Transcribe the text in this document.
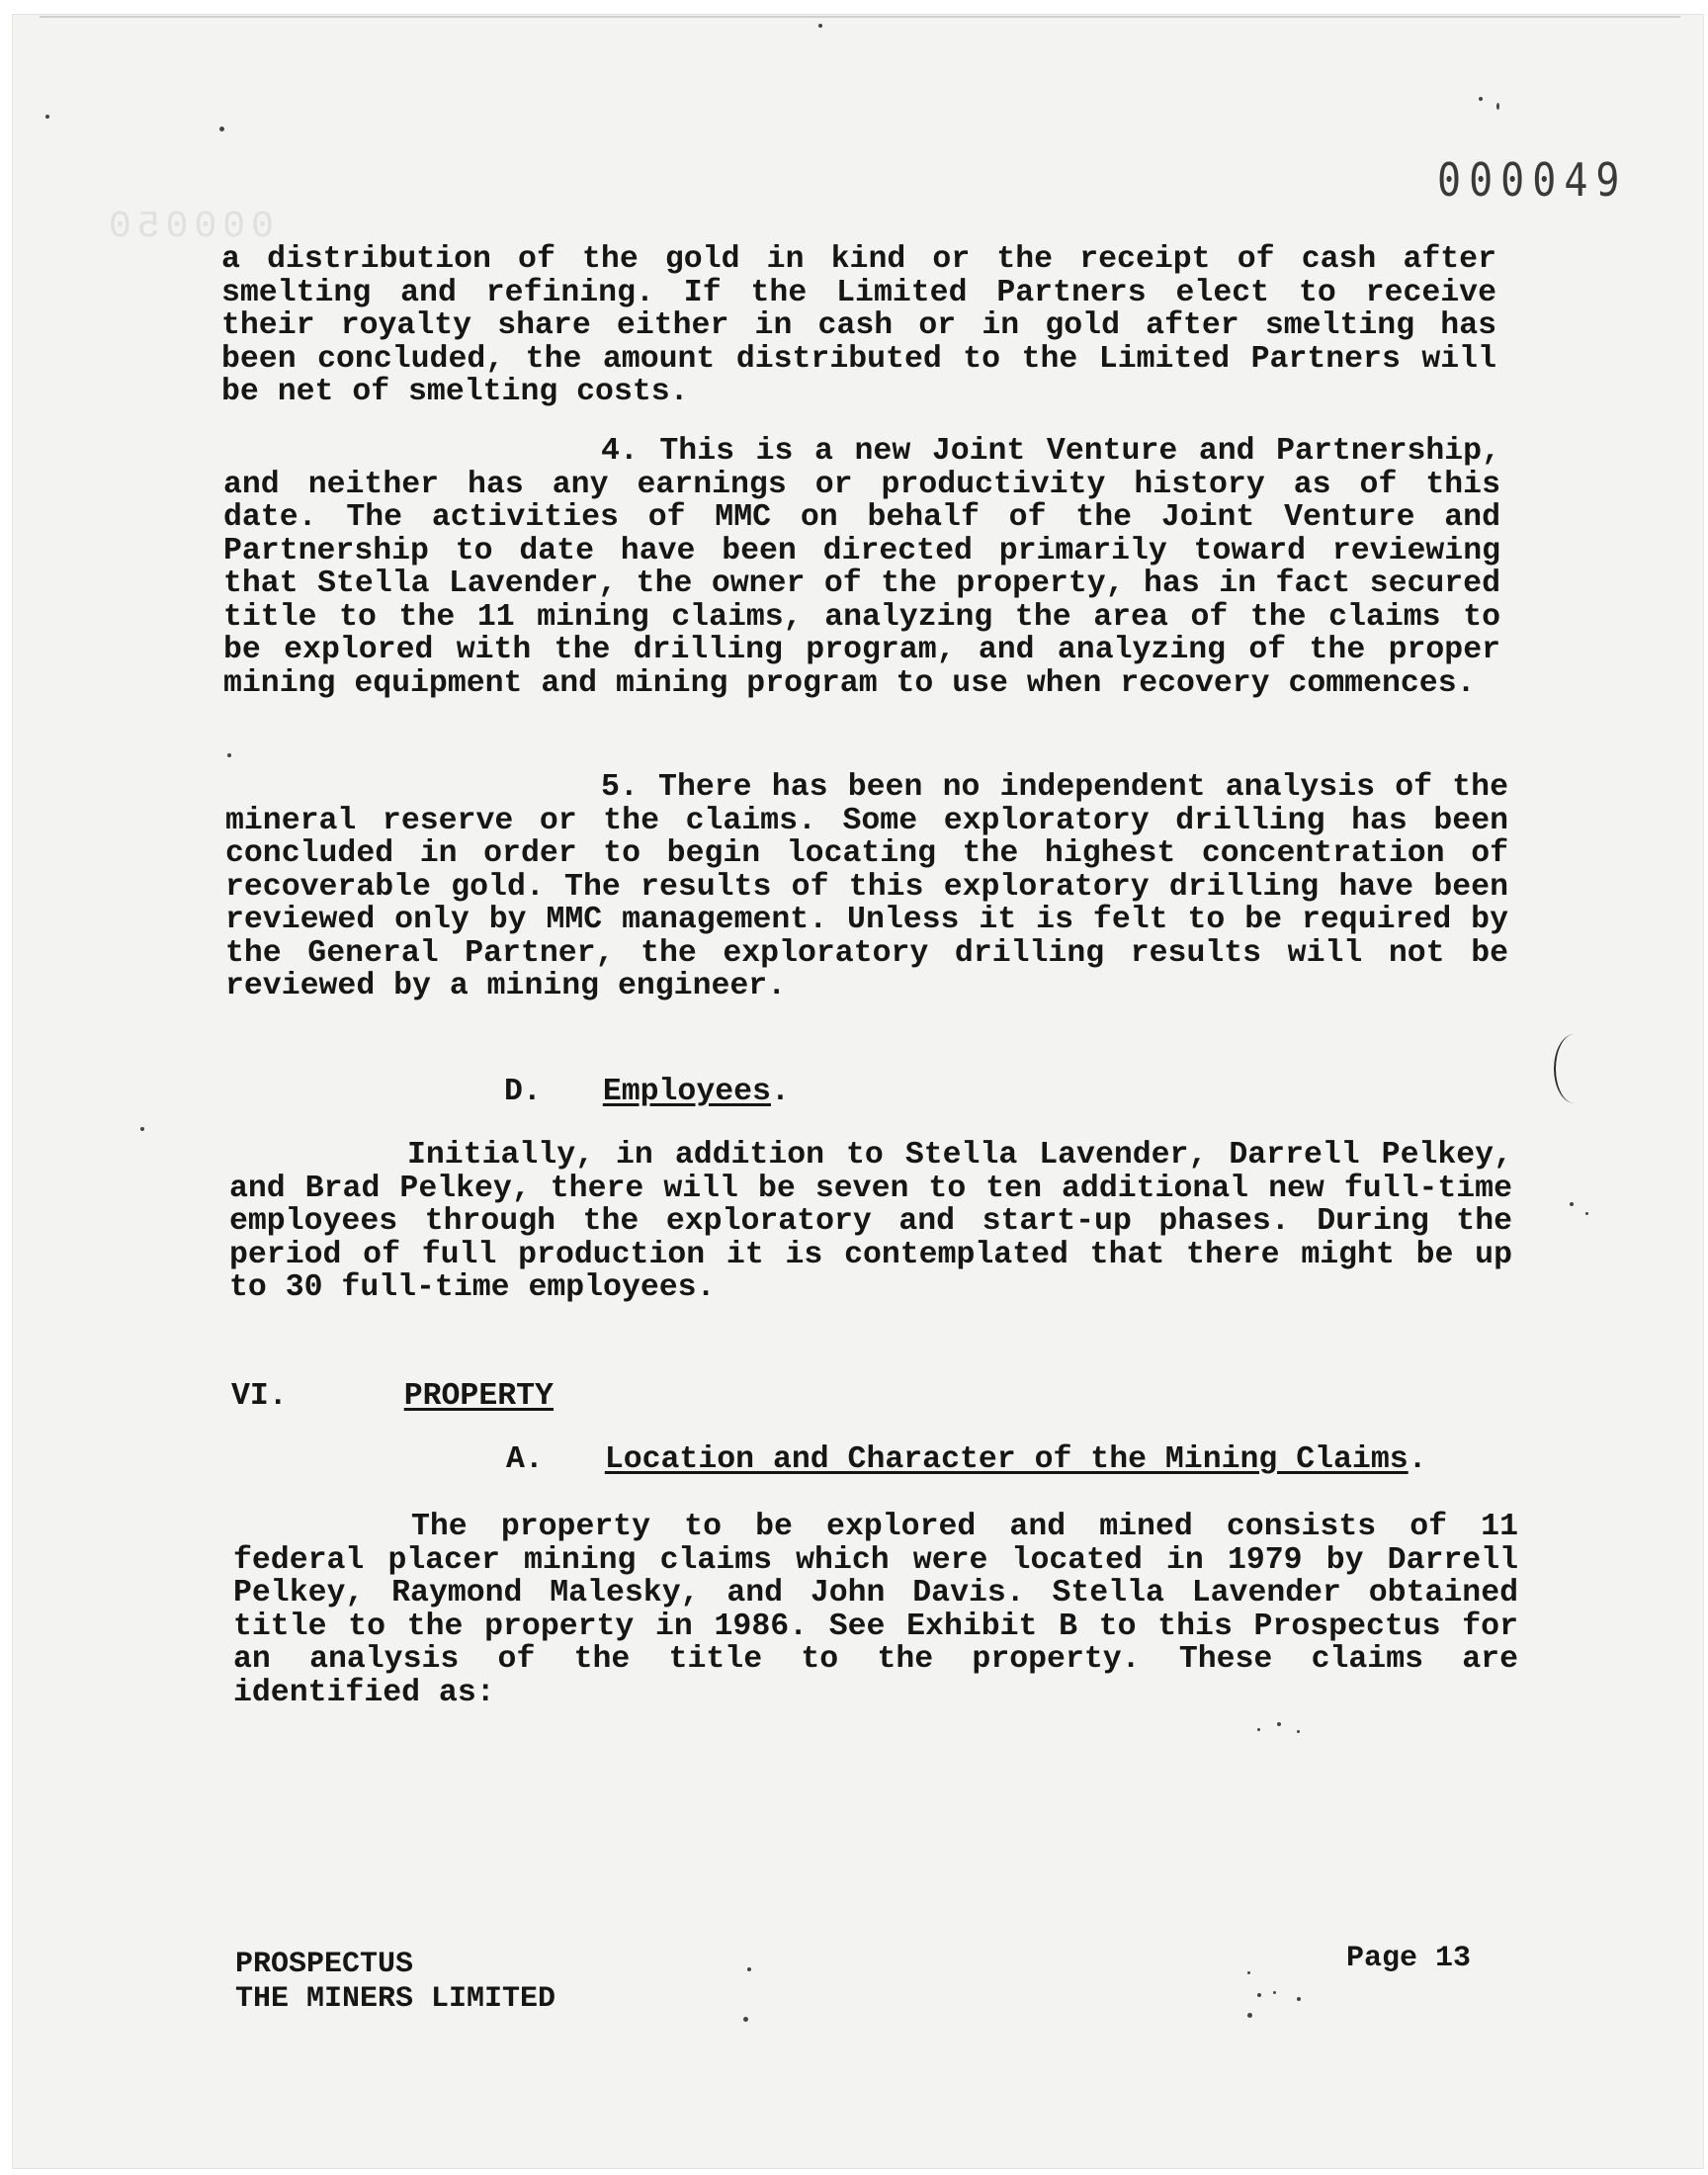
000050
000049
a distribution of the gold in kind or the receipt of cash after smelting and refining. If the Limited Partners elect to receive their royalty share either in cash or in gold after smelting has been concluded, the amount distributed to the Limited Partners will be net of smelting costs.
4. This is a new Joint Venture and Partnership, and neither has any earnings or productivity history as of this date. The activities of MMC on behalf of the Joint Venture and Partnership to date have been directed primarily toward reviewing that Stella Lavender, the owner of the property, has in fact secured title to the 11 mining claims, analyzing the area of the claims to be explored with the drilling program, and analyzing of the proper mining equipment and mining program to use when recovery commences.
5. There has been no independent analysis of the mineral reserve or the claims. Some exploratory drilling has been concluded in order to begin locating the highest concentration of recoverable gold. The results of this exploratory drilling have been reviewed only by MMC management. Unless it is felt to be required by the General Partner, the exploratory drilling results will not be reviewed by a mining engineer.
D. Employees.
Initially, in addition to Stella Lavender, Darrell Pelkey, and Brad Pelkey, there will be seven to ten additional new full-time employees through the exploratory and start-up phases. During the period of full production it is contemplated that there might be up to 30 full-time employees.
VI.	PROPERTY
A. Location and Character of the Mining Claims.
The property to be explored and mined consists of 11 federal placer mining claims which were located in 1979 by Darrell Pelkey, Raymond Malesky, and John Davis. Stella Lavender obtained title to the property in 1986. See Exhibit B to this Prospectus for an analysis of the title to the property. These claims are identified as:
PROSPECTUS
THE MINERS LIMITED
Page 13
